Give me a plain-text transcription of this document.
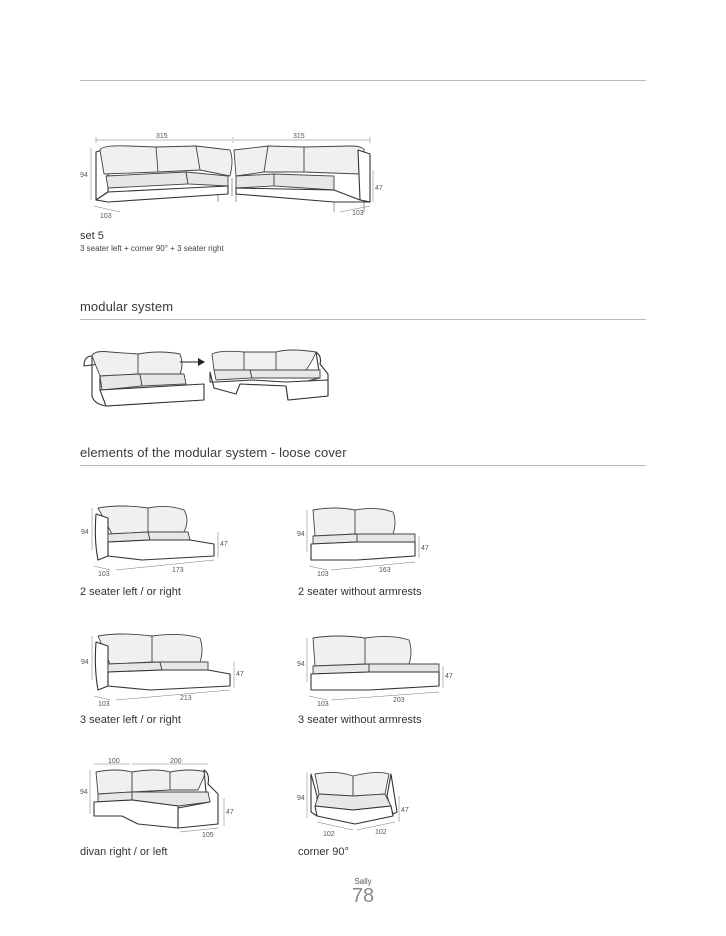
315	315
94
47
103	103
set 5
3 seater left + corner 90° + 3 seater right
modular system
elements of the modular system - loose cover
94
47
103
173
2 seater left / or right
94
47
103
163
2 seater without armrests
94
47
103
213
3 seater left / or right
94
47
103
203
3 seater without armrests
100	200
94
47
105
divan right / or left
94
47
102	102
corner 90°
Sally
78
